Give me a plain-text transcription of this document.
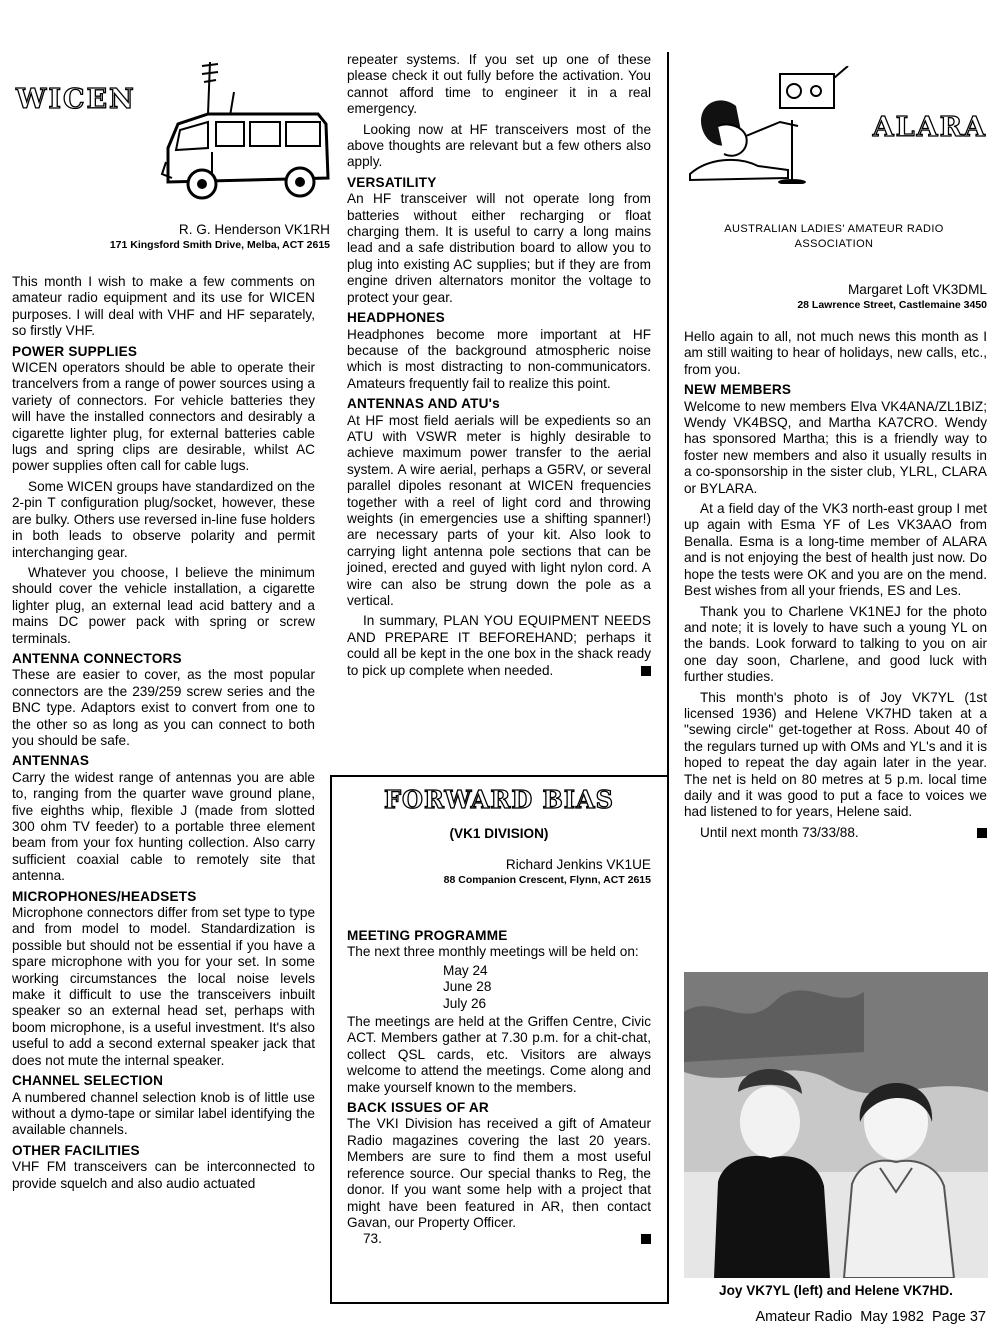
WICEN
R. G. Henderson VK1RH
171 Kingsford Smith Drive, Melba, ACT 2615

This month I wish to make a few comments on amateur radio equipment and its use for WICEN purposes. I will deal with VHF and HF separately, so firstly VHF.

POWER SUPPLIES

WICEN operators should be able to operate their trancelvers from a range of power sources using a variety of connectors. For vehicle batteries they will have the installed connectors and desirably a cigarette lighter plug, for external batteries cable lugs and spring clips are desirable, whilst AC power supplies often call for cable lugs.

Some WICEN groups have standardized on the 2-pin T configuration plug/socket, however, these are bulky. Others use reversed in-line fuse holders in both leads to observe polarity and permit interchanging gear.

Whatever you choose, I believe the minimum should cover the vehicle installation, a cigarette lighter plug, an external lead acid battery and a mains DC power pack with spring or screw terminals.

ANTENNA CONNECTORS

These are easier to cover, as the most popular connectors are the 239/259 screw series and the BNC type. Adaptors exist to convert from one to the other so as long as you can connect to both you should be safe.

ANTENNAS

Carry the widest range of antennas you are able to, ranging from the quarter wave ground plane, five eighths whip, flexible J (made from slotted 300 ohm TV feeder) to a portable three element beam from your fox hunting collection. Also carry sufficient coaxial cable to remotely site that antenna.

MICROPHONES/HEADSETS

Microphone connectors differ from set type to type and from model to model. Standardization is possible but should not be essential if you have a spare microphone with you for your set. In some working circumstances the local noise levels make it difficult to use the transceivers inbuilt speaker so an external head set, perhaps with boom microphone, is a useful investment. It's also useful to add a second external speaker jack that does not mute the internal speaker.

CHANNEL SELECTION

A numbered channel selection knob is of little use without a dymo-tape or similar label identifying the available channels.

OTHER FACILITIES

VHF FM transceivers can be interconnected to provide squelch and also audio actuated

repeater systems. If you set up one of these please check it out fully before the activation. You cannot afford time to engineer it in a real emergency.

Looking now at HF transceivers most of the above thoughts are relevant but a few others also apply.

VERSATILITY

An HF transceiver will not operate long from batteries without either recharging or float charging them. It is useful to carry a long mains lead and a safe distribution board to allow you to plug into existing AC supplies; but if they are from engine driven alternators monitor the voltage to protect your gear.

HEADPHONES

Headphones become more important at HF because of the background atmospheric noise which is most distracting to non-communicators. Amateurs frequently fail to realize this point.

ANTENNAS AND ATU's

At HF most field aerials will be expedients so an ATU with VSWR meter is highly desirable to achieve maximum power transfer to the aerial system. A wire aerial, perhaps a G5RV, or several parallel dipoles resonant at WICEN frequencies together with a reel of light cord and throwing weights (in emergencies use a shifting spanner!) are necessary parts of your kit. Also look to carrying light antenna pole sections that can be joined, erected and guyed with light nylon cord. A wire can also be strung down the pole as a vertical.

In summary, PLAN YOU EQUIPMENT NEEDS AND PREPARE IT BEFOREHAND; perhaps it could all be kept in the one box in the shack ready to pick up complete when needed.

FORWARD BIAS
(VK1 DIVISION)
Richard Jenkins VK1UE
88 Companion Crescent, Flynn, ACT 2615
MEETING PROGRAMME

The next three monthly meetings will be held on:

May 24
June 28
July 26

The meetings are held at the Griffen Centre, Civic ACT. Members gather at 7.30 p.m. for a chit-chat, collect QSL cards, etc. Visitors are always welcome to attend the meetings. Come along and make yourself known to the members.

BACK ISSUES OF AR

The VKI Division has received a gift of Amateur Radio magazines covering the last 20 years. Members are sure to find them a most useful reference source. Our special thanks to Reg, the donor. If you want some help with a project that might have been featured in AR, then contact Gavan, our Property Officer.

73.

ALARA
AUSTRALIAN LADIES' AMATEUR RADIO ASSOCIATION
Margaret Loft VK3DML
28 Lawrence Street, Castlemaine 3450

Hello again to all, not much news this month as I am still waiting to hear of holidays, new calls, etc., from you.

NEW MEMBERS

Welcome to new members Elva VK4ANA/ZL1BIZ; Wendy VK4BSQ, and Martha KA7CRO. Wendy has sponsored Martha; this is a friendly way to foster new members and also it usually results in a co-sponsorship in the sister club, YLRL, CLARA or BYLARA.

At a field day of the VK3 north-east group I met up again with Esma YF of Les VK3AAO from Benalla. Esma is a long-time member of ALARA and is not enjoying the best of health just now. Do hope the tests were OK and you are on the mend. Best wishes from all your friends, ES and Les.

Thank you to Charlene VK1NEJ for the photo and note; it is lovely to have such a young YL on the bands. Look forward to talking to you on air one day soon, Charlene, and good luck with further studies.

This month's photo is of Joy VK7YL (1st licensed 1936) and Helene VK7HD taken at a "sewing circle" get-together at Ross. About 40 of the regulars turned up with OMs and YL's and it is hoped to repeat the day again later in the year. The net is held on 80 metres at 5 p.m. local time daily and it was good to put a face to voices we had listened to for years, Helene said.

Until next month 73/33/88.

Joy VK7YL (left) and Helene VK7HD.
Amateur Radio  May 1982  Page 37
